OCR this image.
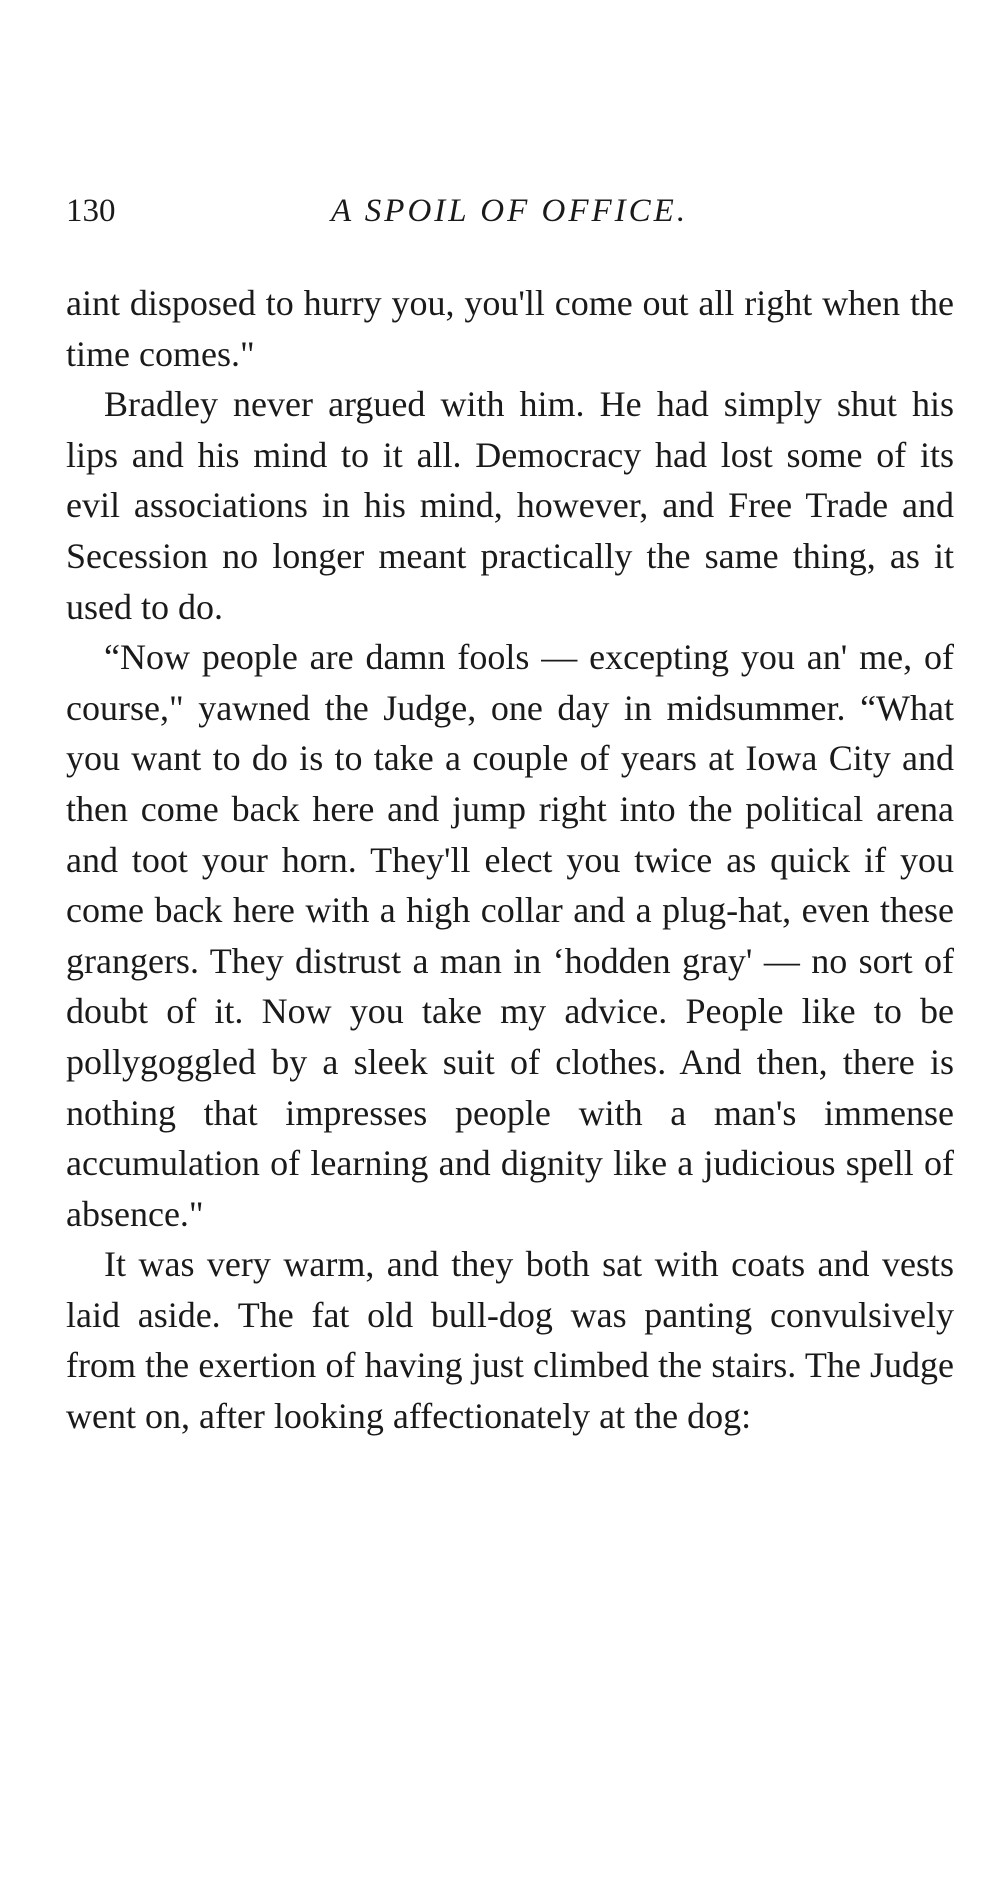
130	A SPOIL OF OFFICE.

aint disposed to hurry you, you'll come out all right when the time comes."

Bradley never argued with him. He had simply shut his lips and his mind to it all. Democracy had lost some of its evil associations in his mind, however, and Free Trade and Secession no longer meant practically the same thing, as it used to do.

“Now people are damn fools — excepting you an' me, of course," yawned the Judge, one day in midsummer. “What you want to do is to take a couple of years at Iowa City and then come back here and jump right into the political arena and toot your horn. They'll elect you twice as quick if you come back here with a high collar and a plug-hat, even these grangers. They distrust a man in ‘hodden gray' — no sort of doubt of it. Now you take my advice. People like to be pollygoggled by a sleek suit of clothes. And then, there is nothing that impresses people with a man's immense accumulation of learning and dignity like a judicious spell of absence."

It was very warm, and they both sat with coats and vests laid aside. The fat old bull-dog was panting convulsively from the exertion of having just climbed the stairs. The Judge went on, after looking affectionately at the dog:
